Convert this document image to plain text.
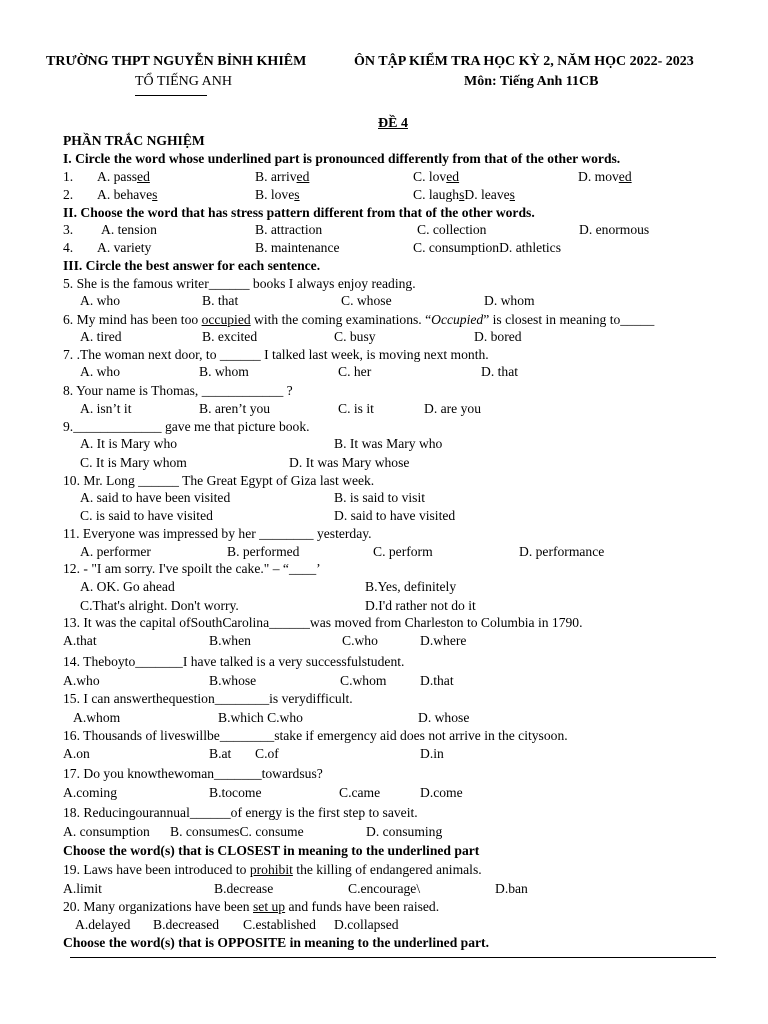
TRƯỜNG THPT NGUYỄN BỈNH KHIÊM
TỔ TIẾNG ANH
ÔN TẬP KIỂM TRA HỌC KỲ 2, NĂM HỌC 2022- 2023
Môn: Tiếng Anh 11CB
ĐỀ 4
PHẦN TRẮC NGHIỆM
I. Circle the word whose underlined part is pronounced differently from that of the other words.
1. A. passed	B. arrived	C. loved	D. moved
2. A. behaves	B. loves	C. laughsD. leaves
II. Choose the word that has stress pattern different from that of the other words.
3. A. tension	B. attraction	C. collection	D. enormous
4. A. variety	B. maintenance	C. consumptionD. athletics
III. Circle the best answer for each sentence.
5. She is the famous writer______ books I always enjoy reading.
A. who	B. that	C. whose	D. whom
6. My mind has been too occupied with the coming examinations. “Occupied” is closest in meaning to_____
A. tired	B. excited	C. busy	D. bored
7. .The woman next door, to ______ I talked last week, is moving next month.
A. who	B. whom	C. her	D. that
8. Your name is Thomas, ____________ ?
A. isn’t it	B. aren’t you	C. is it	D. are you
9._____________ gave me that picture book.
A. It is Mary who	B. It was Mary who
C. It is Mary whom	D. It was Mary whose
10. Mr. Long ______ The Great Egypt of Giza last week.
A. said to have been visited	B. is said to visit
C. is said to have visited	D. said to have visited
11. Everyone was impressed by her ________ yesterday.
A. performer	B. performed	C. perform	D. performance
12. - "I am sorry. I've spoilt the cake." – “____’
A. OK. Go ahead	B.Yes, definitely
C.That's alright. Don't worry.	D.I'd rather not do it
13. It was the capital ofSouthCarolina______was moved from Charleston to Columbia in 1790.
A.that	B.when	C.who	D.where
14. Theboyto_______I have talked is a very successfulstudent.
A.who	B.whose	C.whom D.that
15. I can answerthequestion________is verydifficult.
A.whom	B.which C.who	D. whose
16. Thousands of liveswillbe________stake if emergency aid does not arrive in the citysoon.
A.on	B.at C.of	D.in
17. Do you knowthewoman_______towardsus?
A.coming	B.tocome	C.came	D.come
18. Reducingourannual______of energy is the first step to saveit.
A. consumption B. consumesC. consume	D. consuming
Choose the word(s) that is CLOSEST in meaning to the underlined part
19. Laws have been introduced to prohibit the killing of endangered animals.
A.limit	B.decrease	C.encourage\	D.ban
20. Many organizations have been set up and funds have been raised.
A.delayed B.decreased C.established D.collapsed
Choose the word(s) that is OPPOSITE in meaning to the underlined part.
